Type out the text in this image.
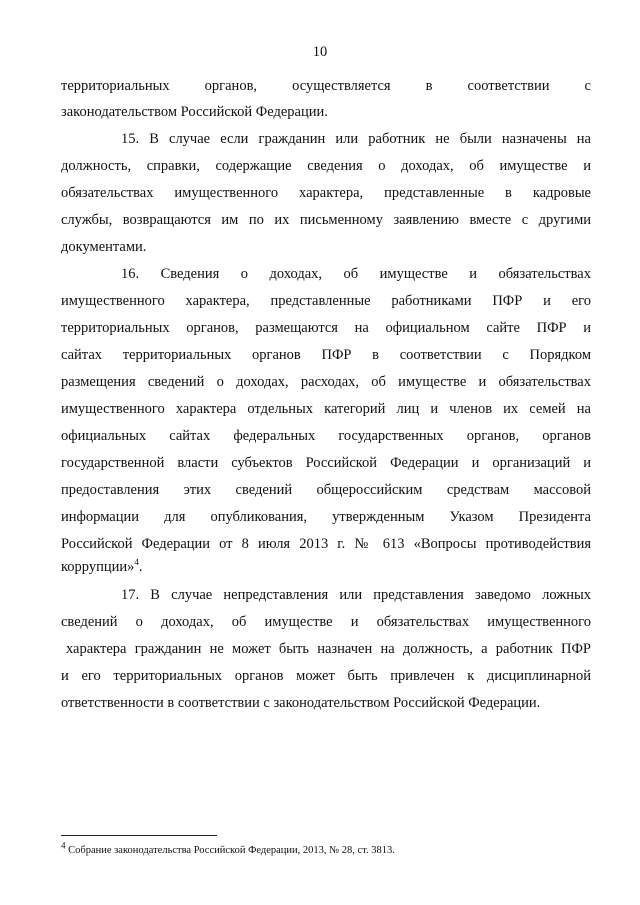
10
территориальных органов, осуществляется в соответствии с
законодательством Российской Федерации.
15. В случае если гражданин или работник не были назначены на
должность, справки, содержащие сведения о доходах, об имуществе и
обязательствах имущественного характера, представленные в кадровые
службы, возвращаются им по их письменному заявлению вместе с другими
документами.
16. Сведения о доходах, об имуществе и обязательствах
имущественного характера, представленные работниками ПФР и его
территориальных органов, размещаются на официальном сайте ПФР и
сайтах территориальных органов ПФР в соответствии с Порядком
размещения сведений о доходах, расходах, об имуществе и обязательствах
имущественного характера отдельных категорий лиц и членов их семей на
официальных сайтах федеральных государственных органов, органов
государственной власти субъектов Российской Федерации и организаций и
предоставления этих сведений общероссийским средствам массовой
информации для опубликования, утвержденным Указом Президента
Российской Федерации от 8 июля 2013 г. № 613 «Вопросы противодействия
коррупции»$^4$.
17. В случае непредставления или представления заведомо ложных
сведений о доходах, об имуществе и обязательствах имущественного
характера гражданин не может быть назначен на должность, а работник ПФР
и его территориальных органов может быть привлечен к дисциплинарной
ответственности в соответствии с законодательством Российской Федерации.
$^4$ Собрание законодательства Российской Федерации, 2013, № 28, ст. 3813.
